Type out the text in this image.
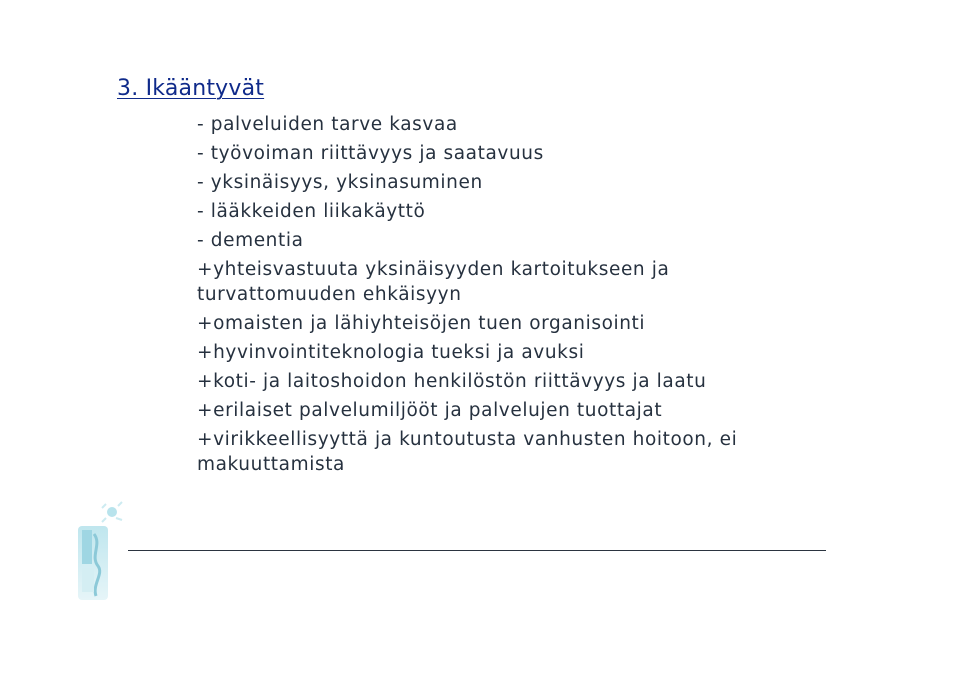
3. Ikääntyvät
- palveluiden tarve kasvaa
- työvoiman riittävyys ja saatavuus
- yksinäisyys, yksinasuminen
- lääkkeiden liikakäyttö
- dementia
+yhteisvastuuta yksinäisyyden kartoitukseen ja turvattomuuden ehkäisyyn
+omaisten ja lähiyhteisöjen tuen organisointi
+hyvinvointiteknologia tueksi ja avuksi
+koti- ja laitoshoidon henkilöstön riittävyys ja laatu
+erilaiset palvelumiljööt ja palvelujen tuottajat
+virikkeellisyyttä ja kuntoutusta vanhusten hoitoon, ei makuuttamista
